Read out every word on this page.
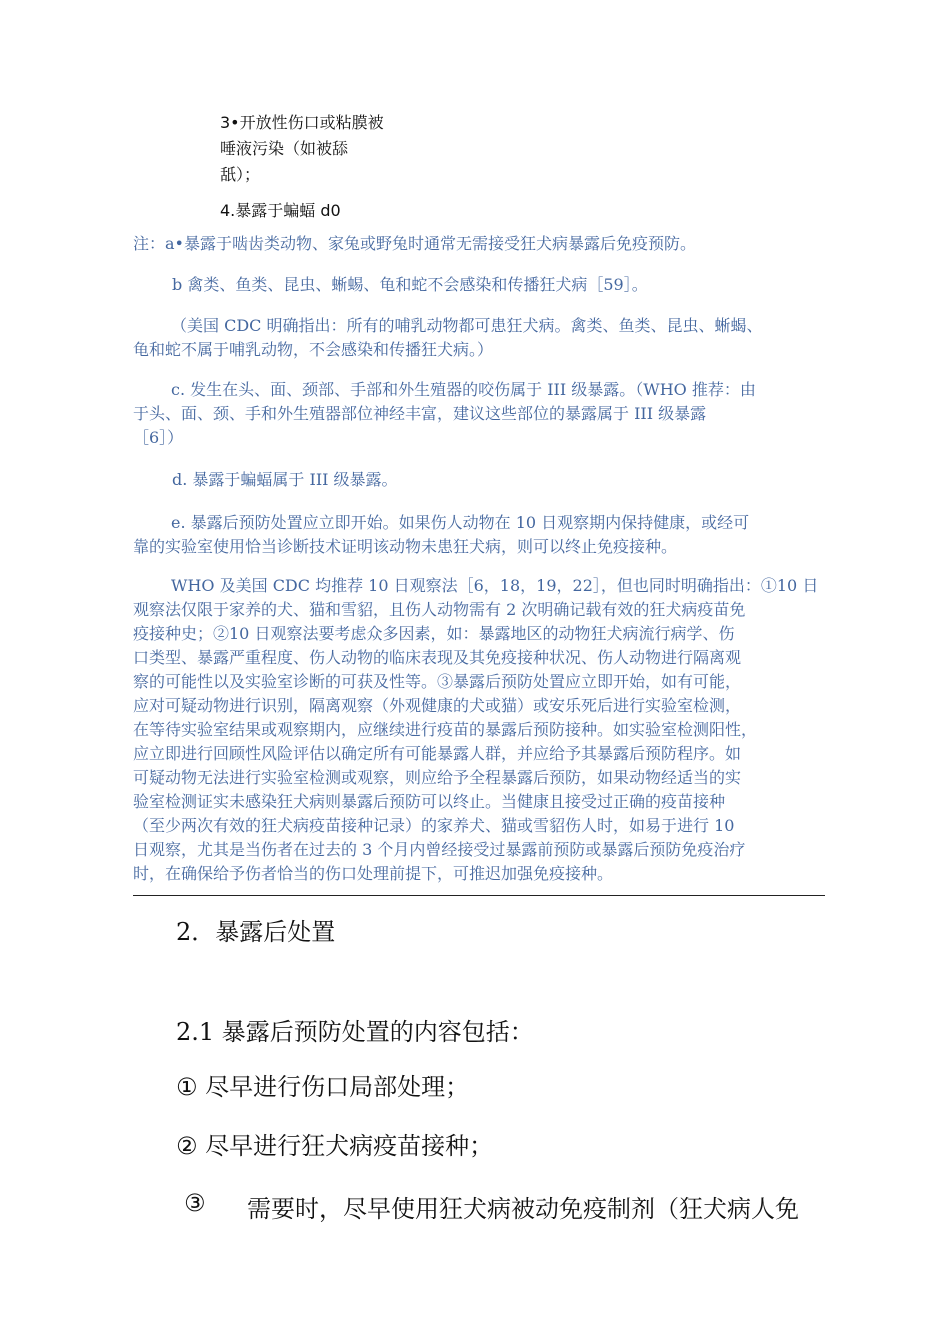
3•开放性伤口或粘膜被

唾液污染（如被舔

舐）；

4.暴露于蝙蝠 d0

注：a•暴露于啮齿类动物、家兔或野兔时通常无需接受狂犬病暴露后免疫预防。

b 禽类、鱼类、昆虫、蜥蜴、龟和蛇不会感染和传播狂犬病［59］。

（美国 CDC 明确指出：所有的哺乳动物都可患狂犬病。禽类、鱼类、昆虫、蜥蝎、
龟和蛇不属于哺乳动物，不会感染和传播狂犬病。）
c. 发生在头、面、颈部、手部和外生殖器的咬伤属于 III 级暴露。（WHO 推荐：由
于头、面、颈、手和外生殖器部位神经丰富，建议这些部位的暴露属于 III 级暴露
［6］）

d. 暴露于蝙蝠属于 III 级暴露。

e. 暴露后预防处置应立即开始。如果伤人动物在 10 日观察期内保持健康，或经可
靠的实验室使用恰当诊断技术证明该动物未患狂犬病，则可以终止免疫接种。
WHO 及美国 CDC 均推荐 10 日观察法［6，18，19，22］，但也同时明确指出：①10 日
观察法仅限于家养的犬、猫和雪貂，且伤人动物需有 2 次明确记载有效的狂犬病疫苗免
疫接种史；②10 日观察法要考虑众多因素，如：暴露地区的动物狂犬病流行病学、伤
口类型、暴露严重程度、伤人动物的临床表现及其免疫接种状况、伤人动物进行隔离观
察的可能性以及实验室诊断的可获及性等。③暴露后预防处置应立即开始，如有可能，
应对可疑动物进行识别，隔离观察（外观健康的犬或猫）或安乐死后进行实验室检测，
在等待实验室结果或观察期内，应继续进行疫苗的暴露后预防接种。如实验室检测阳性，
应立即进行回顾性风险评估以确定所有可能暴露人群，并应给予其暴露后预防程序。如
可疑动物无法进行实验室检测或观察，则应给予全程暴露后预防，如果动物经适当的实
验室检测证实未感染狂犬病则暴露后预防可以终止。当健康且接受过正确的疫苗接种
（至少两次有效的狂犬病疫苗接种记录）的家养犬、猫或雪貂伤人时，如易于进行 10
日观察，尤其是当伤者在过去的 3 个月内曾经接受过暴露前预防或暴露后预防免疫治疗
时，在确保给予伤者恰当的伤口处理前提下，可推迟加强免疫接种。

2．暴露后处置

2.1 暴露后预防处置的内容包括：

① 尽早进行伤口局部处理；

② 尽早进行狂犬病疫苗接种；

③ 需要时，尽早使用狂犬病被动免疫制剂（狂犬病人免
